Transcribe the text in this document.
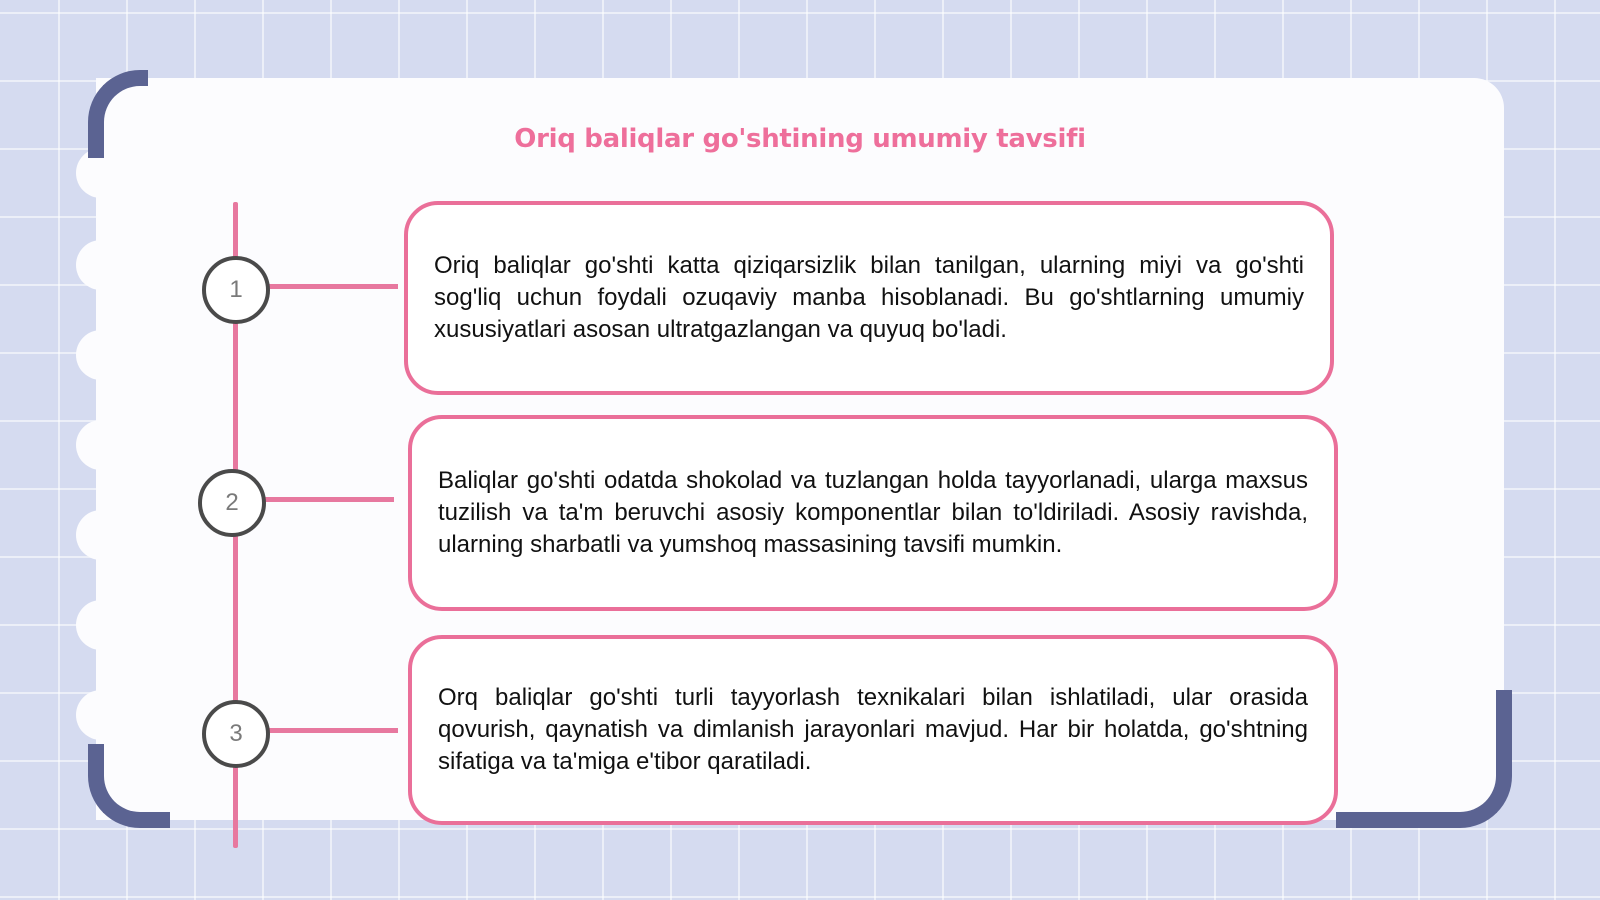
Oriq baliqlar go'shtining umumiy tavsifi
1
2
3

Oriq baliqlar go'shti katta qiziqarsizlik bilan tanilgan, ularning miyi va go'shti sog'liq uchun foydali ozuqaviy manba hisoblanadi. Bu go'shtlarning umumiy xususiyatlari asosan ultratgazlangan va quyuq bo'ladi.

Baliqlar go'shti odatda shokolad va tuzlangan holda tayyorlanadi, ularga maxsus tuzilish va ta'm beruvchi asosiy komponentlar bilan to'ldiriladi. Asosiy ravishda, ularning sharbatli va yumshoq massasining tavsifi mumkin.

Orq baliqlar go'shti turli tayyorlash texnikalari bilan ishlatiladi, ular orasida qovurish, qaynatish va dimlanish jarayonlari mavjud. Har bir holatda, go'shtning sifatiga va ta'miga e'tibor qaratiladi.
